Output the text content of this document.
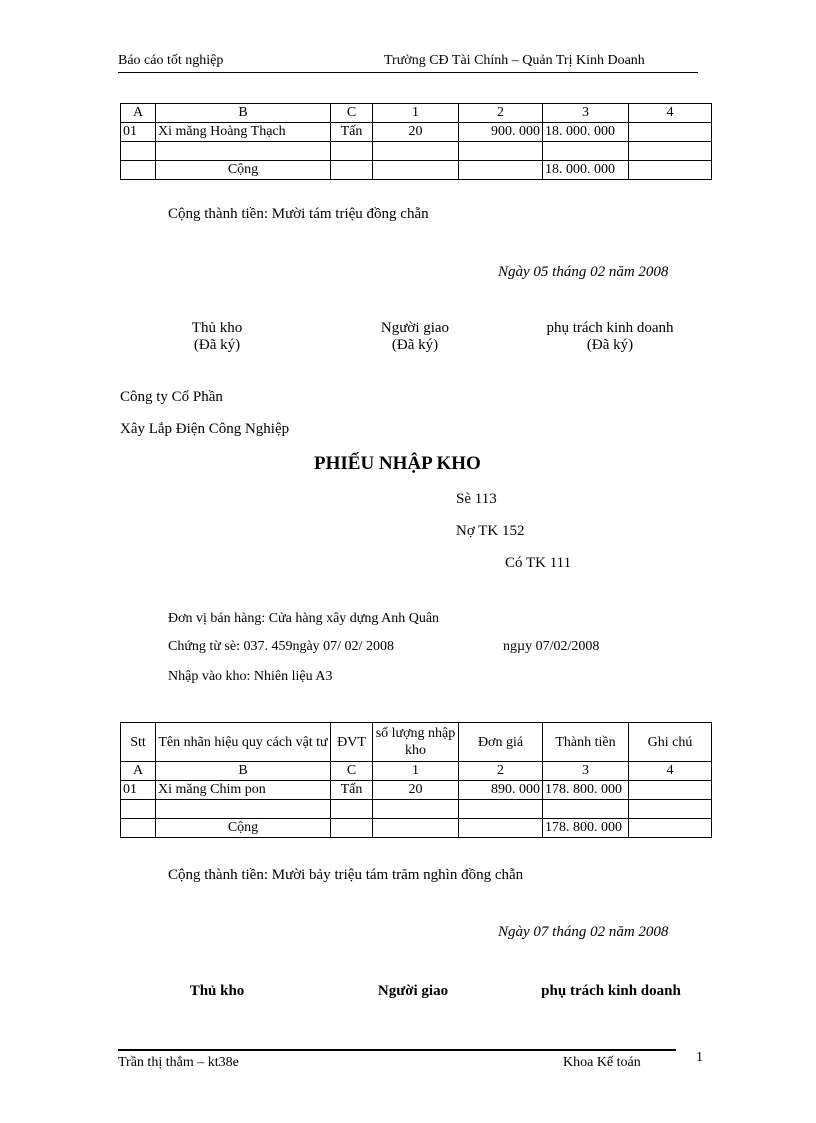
Báo cáo tốt nghiệp	Trường CĐ Tài Chính – Quản Trị Kinh Doanh
A	B	C	1	2	3	4
01	Xi măng Hoàng Thạch	Tấn	20	900. 000	18. 000. 000	

	Cộng				18. 000. 000	
Cộng thành tiền: Mười tám triệu đồng chẵn
Ngày 05 tháng 02 năm 2008
Thủ kho
(Đã ký)
Người giao
(Đã ký)
phụ trách kinh doanh
(Đã ký)
Công ty Cổ Phần
Xây Lắp Điện Công Nghiệp
PHIẾU NHẬP KHO
Sè 113
Nợ TK 152
Có TK 111
Đơn vị bán hàng: Cửa hàng xây dựng Anh Quân
Chứng từ sè: 037. 459ngày 07/ 02/ 2008	ngµy 07/02/2008
Nhập vào kho: Nhiên liệu A3
Stt	Tên nhãn hiệu quy cách vật tư	ĐVT	số lượng nhập kho	Đơn giá	Thành tiền	Ghi chú
A	B	C	1	2	3	4
01	Xi măng Chim pon	Tấn	20	890. 000	178. 800. 000	

	Cộng				178. 800. 000	
Cộng thành tiền: Mười bảy triệu tám trăm nghìn đồng chẵn
Ngày 07 tháng 02 năm 2008
Thủ kho	Người giao	phụ trách kinh doanh
Trần thị thắm – kt38e	Khoa Kế toán	1
